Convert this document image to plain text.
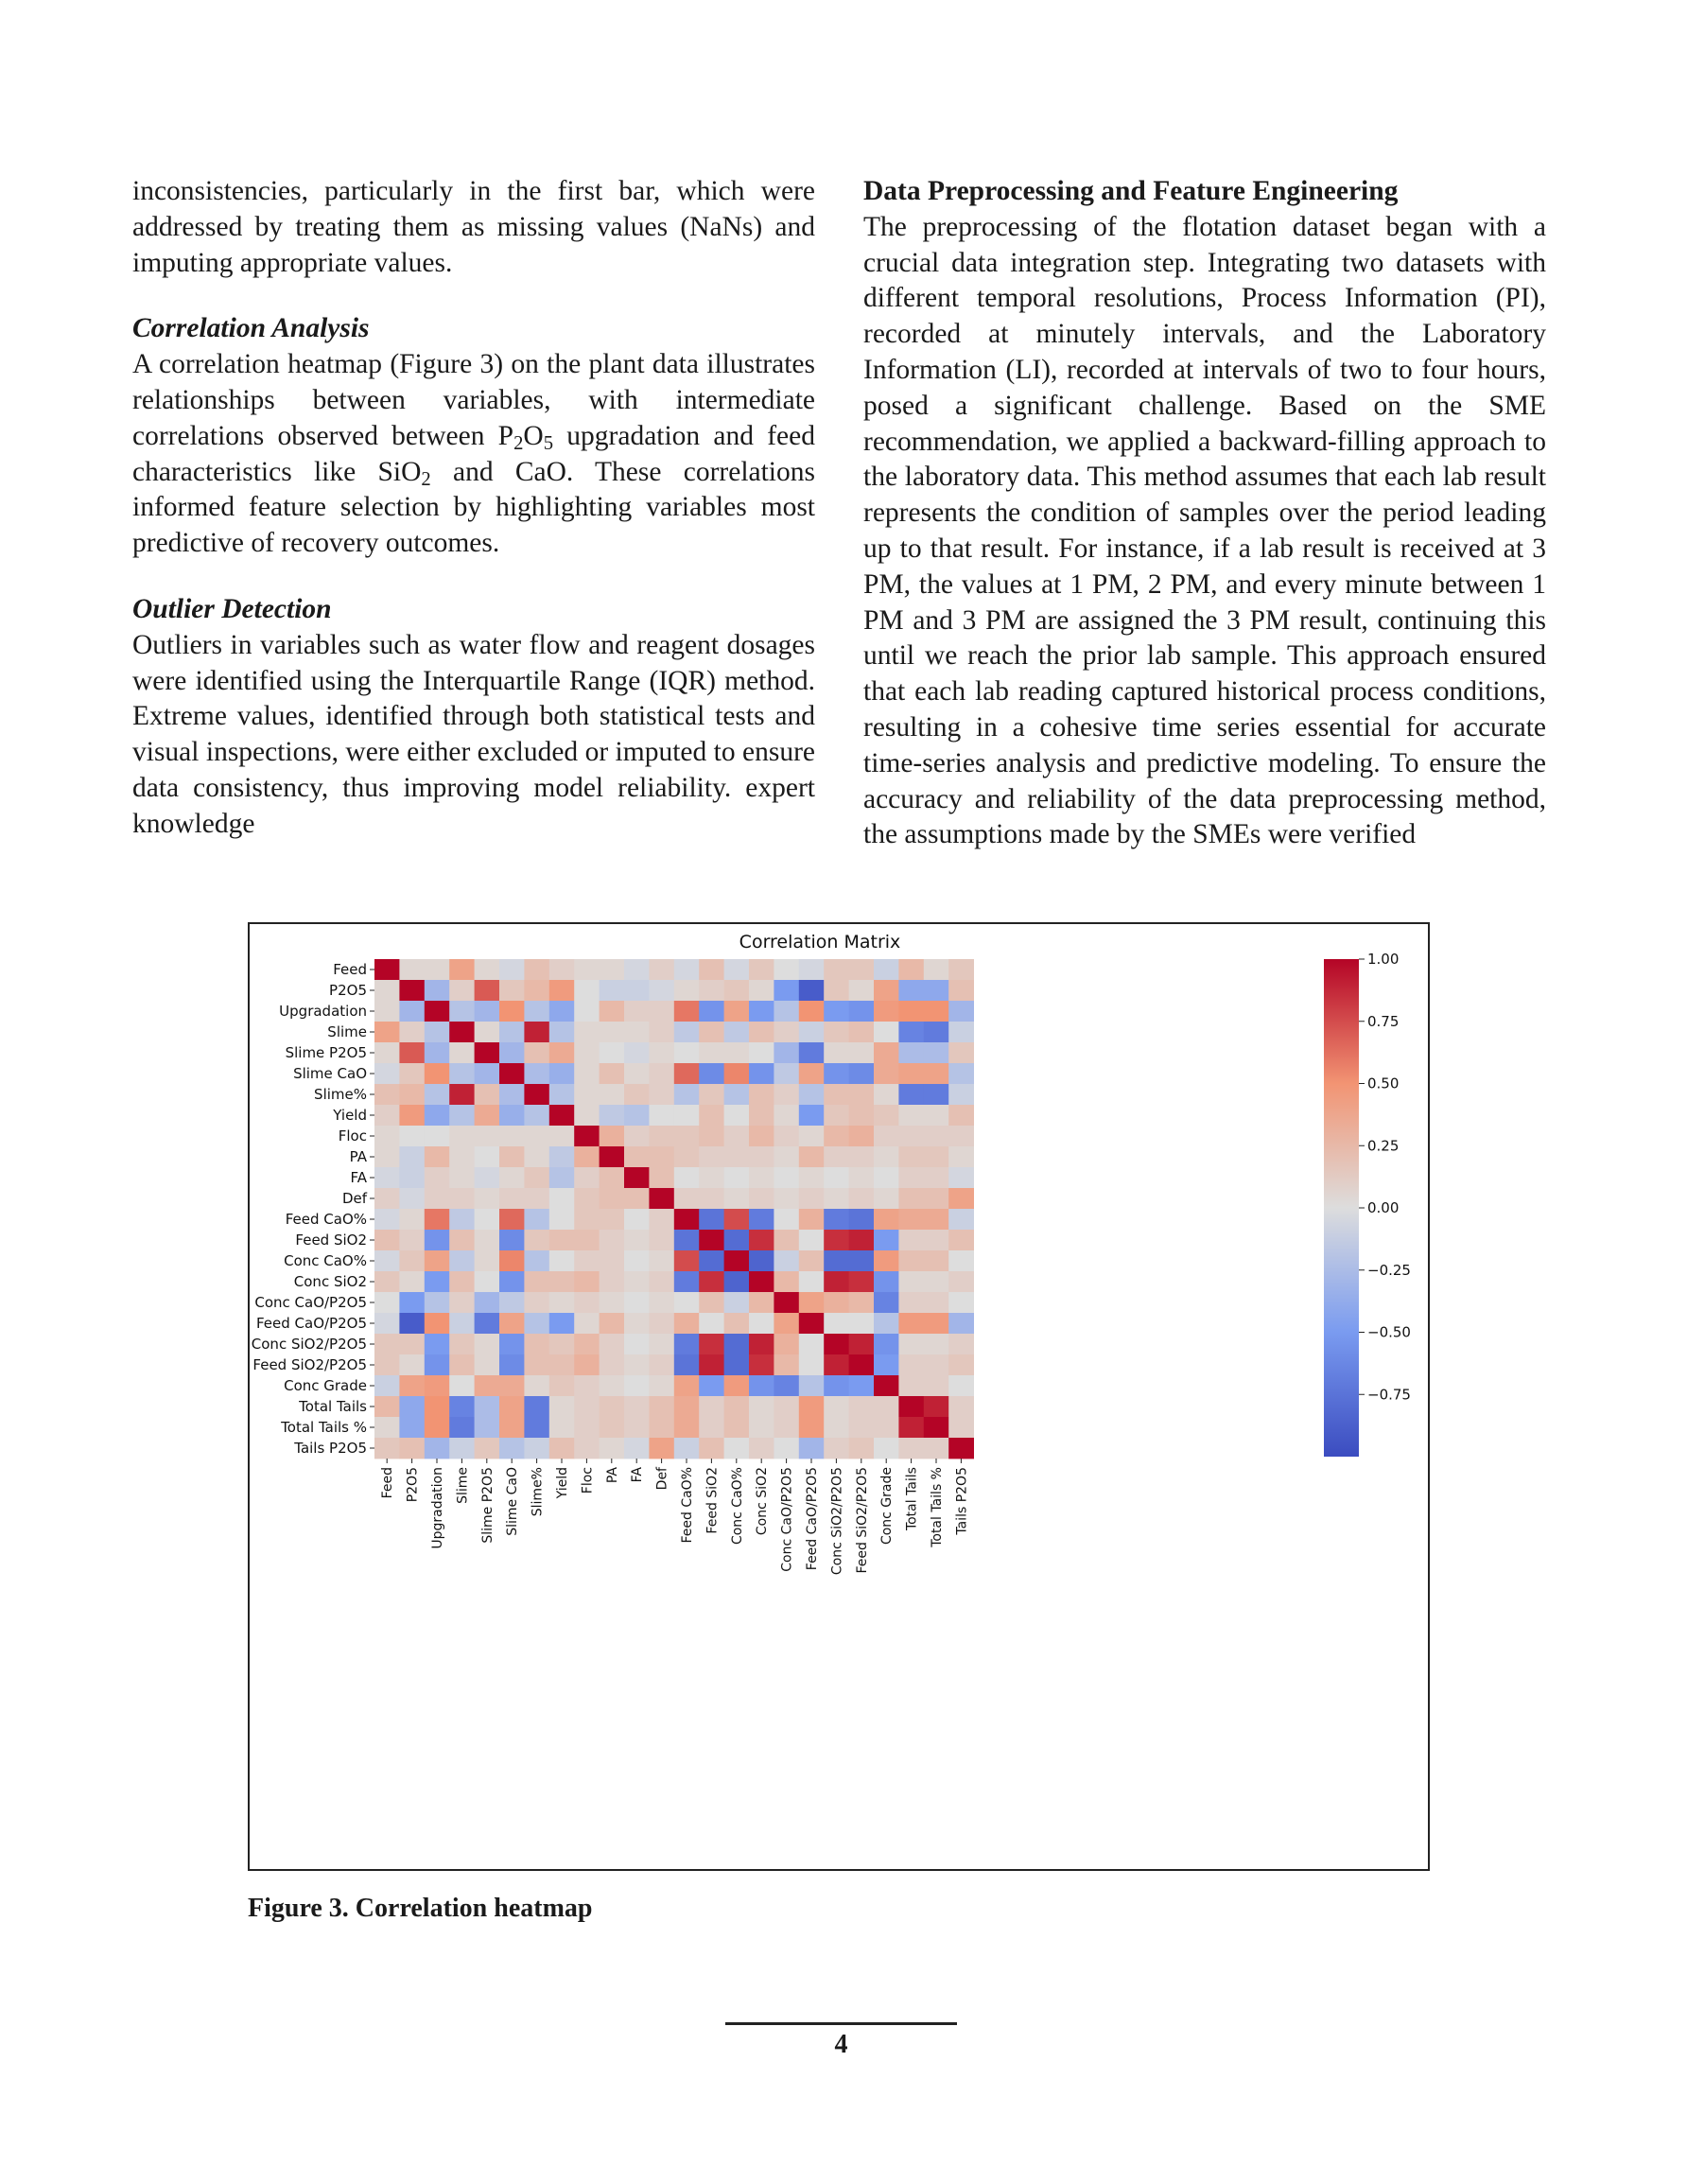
inconsistencies, particularly in the first bar, which were addressed by treating them as missing values (NaNs) and imputing appropriate values.

Correlation Analysis

A correlation heatmap (Figure 3) on the plant data illustrates relationships between variables, with intermediate correlations observed between $P_2O_5$ upgradation and feed characteristics like SiO$_2$ and CaO. These correlations informed feature selection by highlighting variables most predictive of recovery outcomes.

Outlier Detection

Outliers in variables such as water flow and reagent dosages were identified using the Interquartile Range (IQR) method. Extreme values, identified through both statistical tests and visual inspections, were either excluded or imputed to ensure data consistency, thus improving model reliability. expert knowledge

Data Preprocessing and Feature Engineering

The preprocessing of the flotation dataset began with a crucial data integration step. Integrating two datasets with different temporal resolutions, Process Information (PI), recorded at minutely intervals, and the Laboratory Information (LI), recorded at intervals of two to four hours, posed a significant challenge. Based on the SME recommendation, we applied a backward-filling approach to the laboratory data. This method assumes that each lab result represents the condition of samples over the period leading up to that result. For instance, if a lab result is received at 3 PM, the values at 1 PM, 2 PM, and every minute between 1 PM and 3 PM are assigned the 3 PM result, continuing this until we reach the prior lab sample. This approach ensured that each lab reading captured historical process conditions, resulting in a cohesive time series essential for accurate time-series analysis and predictive modeling. To ensure the accuracy and reliability of the data preprocessing method, the assumptions made by the SMEs were verified

Correlation Matrix
Feed
P2O5
Upgradation
Slime
Slime P2O5
Slime CaO
Slime%
Yield
Floc
PA
FA
Def
Feed CaO%
Feed SiO2
Conc CaO%
Conc SiO2
Conc CaO/P2O5
Feed CaO/P2O5
Conc SiO2/P2O5
Feed SiO2/P2O5
Conc Grade
Total Tails
Total Tails %
Tails P2O5
Feed P2O5 Upgradation Slime Slime P2O5 Slime CaO Slime% Yield Floc PA FA Def Feed CaO% Feed SiO2 Conc CaO% Conc SiO2 Conc CaO/P2O5 Feed CaO/P2O5 Conc SiO2/P2O5 Feed SiO2/P2O5 Conc Grade Total Tails Total Tails % Tails P2O5
1.00
0.75
0.50
0.25
0.00
−0.25
−0.50
−0.75
Figure 3. Correlation heatmap
4
